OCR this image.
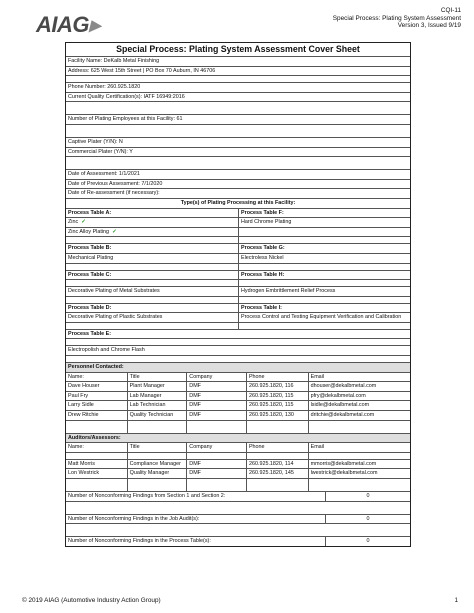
AIAG▸
CQI-11
Special Process: Plating System Assessment
Version 3, Issued 9/19
Special Process: Plating System Assessment Cover Sheet
Facility Name: DeKalb Metal Finishing
Address: 625 West 15th Street | PO Box 70 Auburn, IN 46706
Phone Number: 260.925.1820
Current Quality Certification(s): IATF 16949:2016
Number of Plating Employees at this Facility: 61
Captive Plater (Y/N): N
Commercial Plater (Y/N): Y
Date of Assessment: 1/1/2021
Date of Previous Assessment: 7/1/2020
Date of Re-assessment (if necessary):
Type(s) of Plating Processing at this Facility:
Process Table A:	Process Table F:
Zinc ✓	Hard Chrome Plating
Zinc Alloy Plating ✓
Process Table B:	Process Table G:
Mechanical Plating	Electroless Nickel
Process Table C:	Process Table H:
Decorative Plating of Metal Substrates	Hydrogen Embrittlement Relief Process
Process Table D:	Process Table I:
Decorative Plating of Plastic Substrates	Process Control and Testing Equipment Verification and Calibration
Process Table E:
Electropolish and Chrome Flash
Personnel Contacted:
Name:	Title	Company	Phone	Email
Dave Houser	Plant Manager	DMF	260.925.1820, 116	dhouser@dekalbmetal.com
Paul Fry	Lab Manager	DMF	260.925.1820, 115	pfry@dekalbmetal.com
Larry Sidle	Lab Technician	DMF	260.925.1820, 115	lsidle@dekalbmetal.com
Drew Ritchie	Quality Technician	DMF	260.925.1820, 130	dritchie@dekalbmetal.com
Auditors/Assessors:
Name:	Title	Company	Phone	Email
Matt Morris	Compliance Manager	DMF	260.925.1820, 114	mmorris@dekalbmetal.com
Lon Westrick	Quality Manager	DMF	260.925.1820, 145	lwestrick@dekalbmetal.com
Number of Nonconforming Findings from Section 1 and Section 2:	0
Number of Nonconforming Findings in the Job Audit(s):	0
Number of Nonconforming Findings in the Process Table(s):	0
© 2019 AIAG (Automotive Industry Action Group)	1
